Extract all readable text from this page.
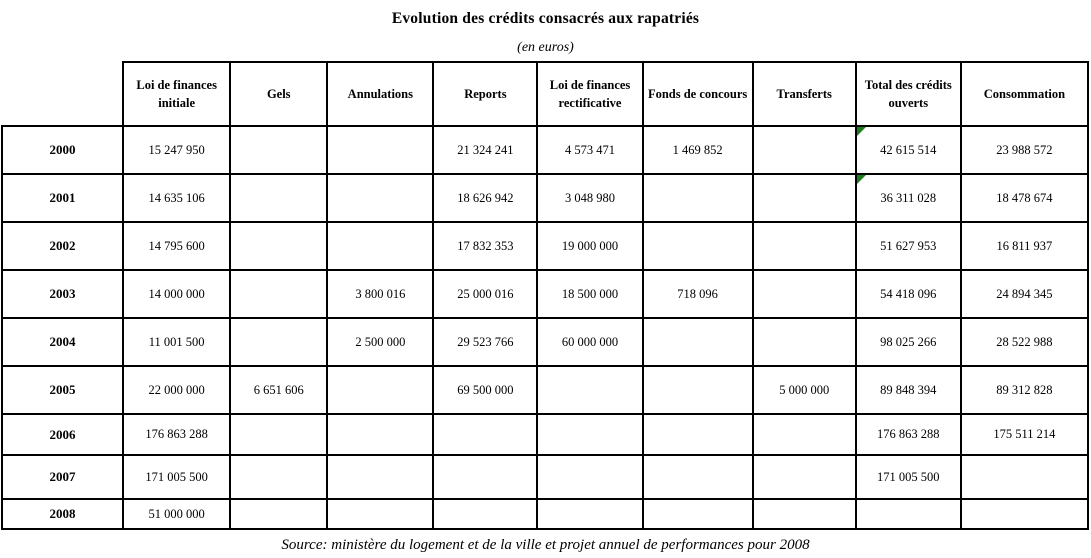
Evolution des crédits consacrés aux rapatriés
(en euros)
	Loi de finances initiale	Gels	Annulations	Reports	Loi de finances rectificative	Fonds de concours	Transferts	Total des crédits ouverts	Consommation
2000	15 247 950			21 324 241	4 573 471	1 469 852		42 615 514	23 988 572
2001	14 635 106			18 626 942	3 048 980			36 311 028	18 478 674
2002	14 795 600			17 832 353	19 000 000			51 627 953	16 811 937
2003	14 000 000		3 800 016	25 000 016	18 500 000	718 096		54 418 096	24 894 345
2004	11 001 500		2 500 000	29 523 766	60 000 000			98 025 266	28 522 988
2005	22 000 000	6 651 606		69 500 000			5 000 000	89 848 394	89 312 828
2006	176 863 288							176 863 288	175 511 214
2007	171 005 500							171 005 500	
2008	51 000 000								
Source: ministère du logement et de la ville et projet annuel de performances pour 2008
